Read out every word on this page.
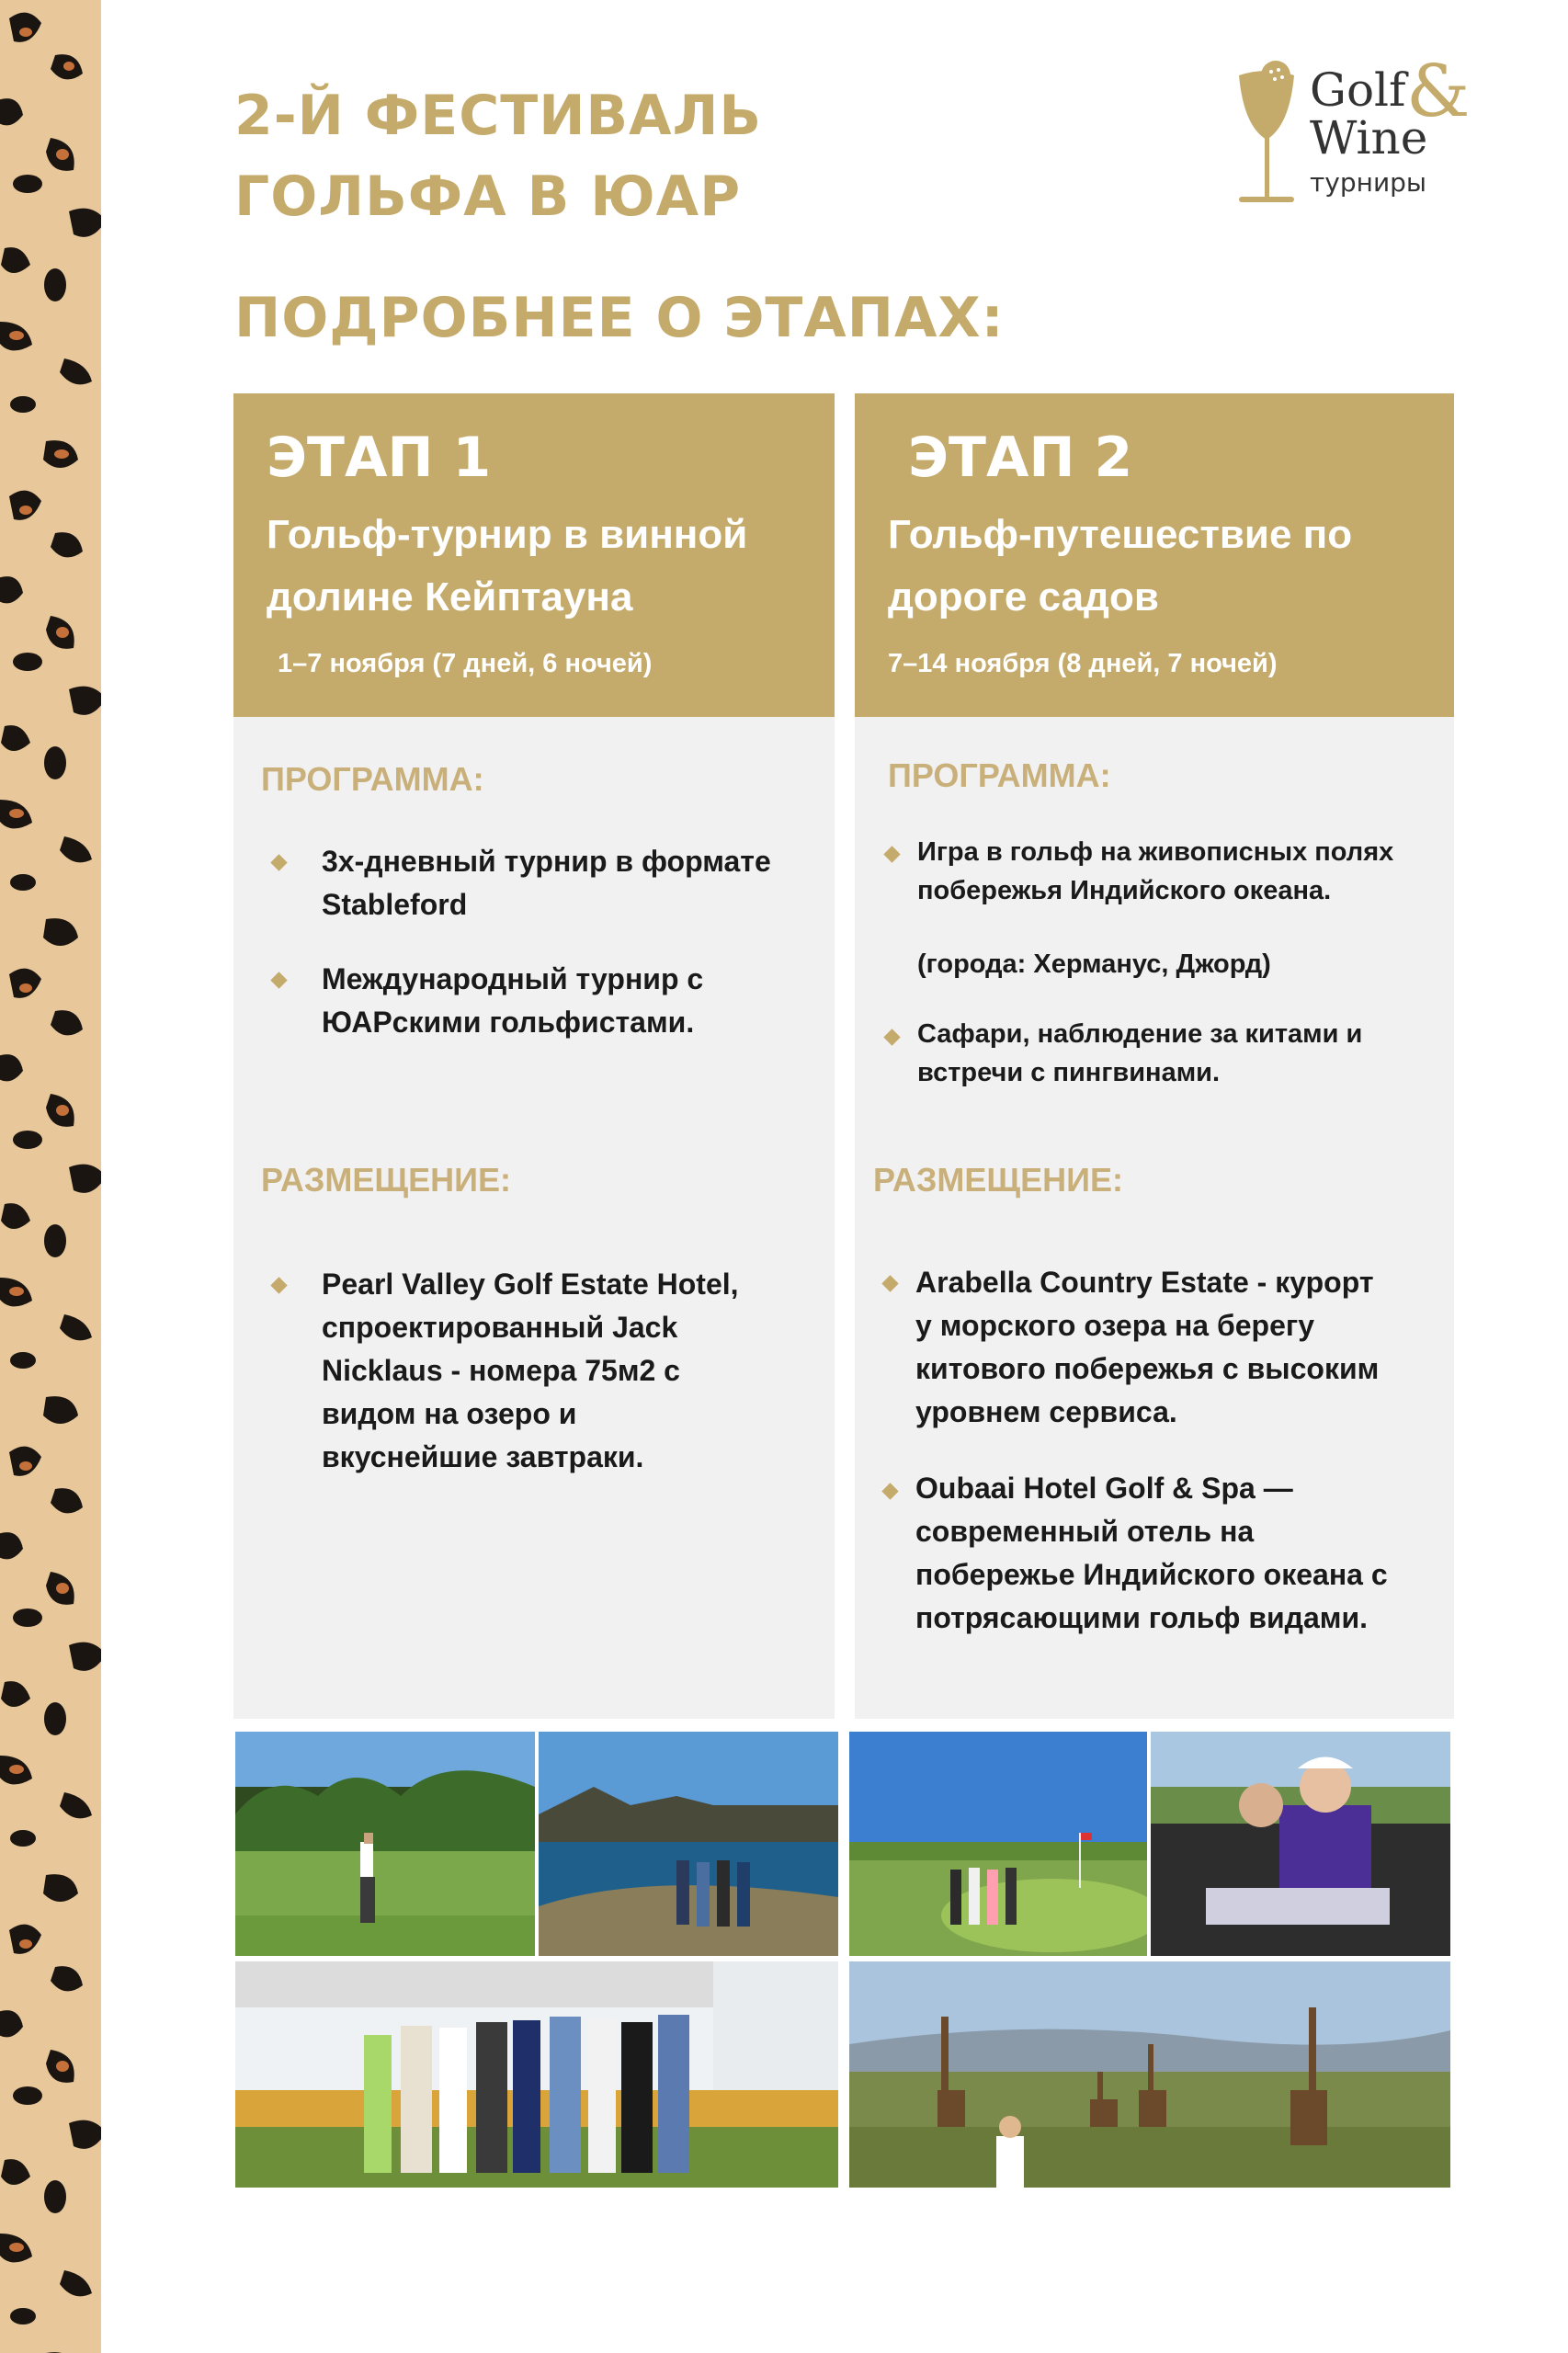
2-Й ФЕСТИВАЛЬ
ГОЛЬФА В ЮАР
ПОДРОБНЕЕ О ЭТАПАХ:
Golf &
Wine
турниры
ЭТАП 1
Гольф-турнир в винной
долине Кейптауна
1–7 ноября (7 дней, 6 ночей)
ПРОГРАММА:
3х-дневный турнир в формате
Stableford
Международный турнир с
ЮАРскими гольфистами.
РАЗМЕЩЕНИЕ:
Pearl Valley Golf Estate Hotel,
спроектированный Jack
Nicklaus - номера 75м2 с
видом на озеро и
вкуснейшие завтраки.
ЭТАП 2
Гольф-путешествие по
дороге садов
7–14 ноября (8 дней, 7 ночей)
ПРОГРАММА:
Игра в гольф на живописных полях
побережья Индийского океана.
(города: Херманус, Джорд)
Сафари, наблюдение за китами и
встречи с пингвинами.
РАЗМЕЩЕНИЕ:
Arabella Country Estate - курорт
у морского озера на берегу
китового побережья с высоким
уровнем сервиса.
Oubaai Hotel Golf & Spa —
современный отель на
побережье Индийского океана с
потрясающими гольф видами.
